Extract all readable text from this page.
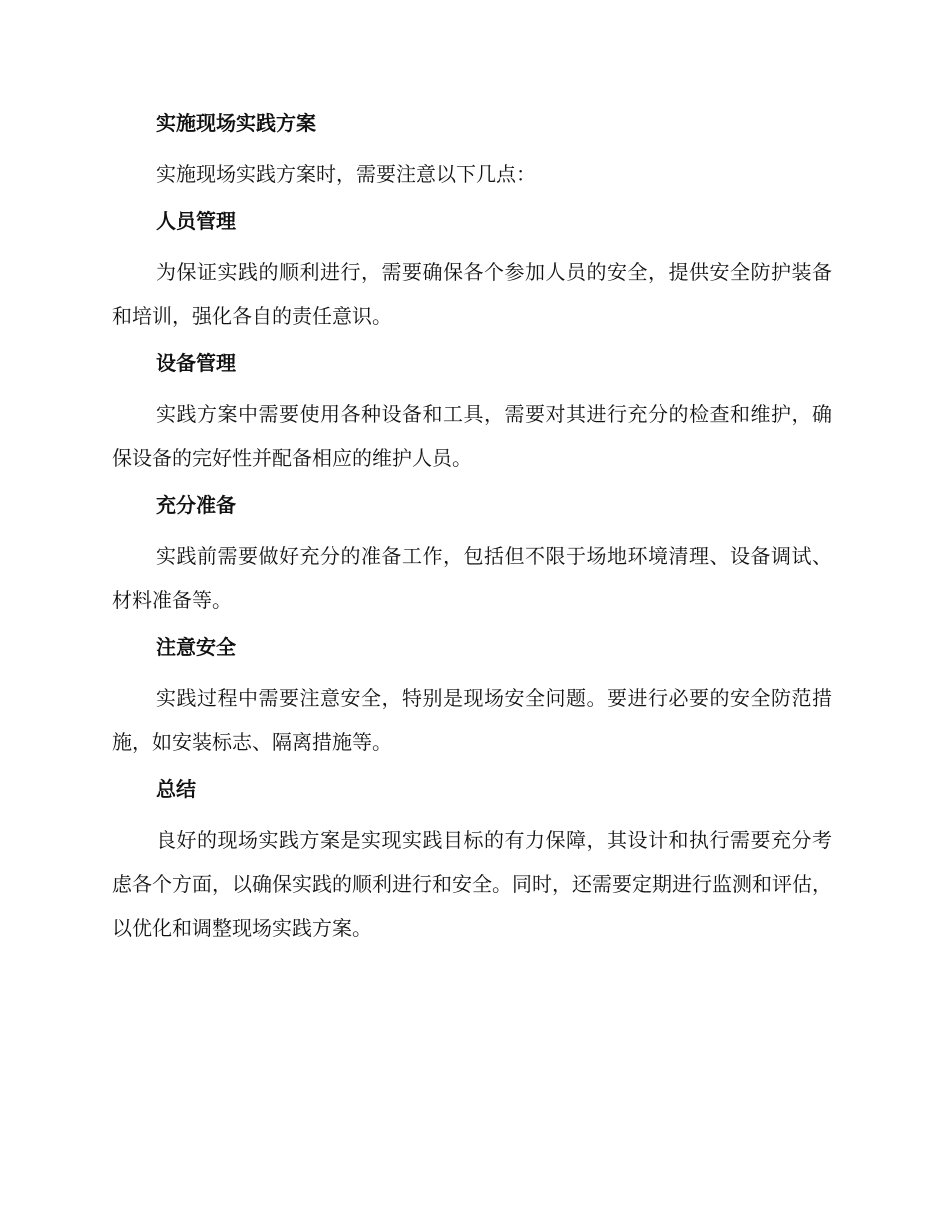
实施现场实践方案

实施现场实践方案时，需要注意以下几点：

人员管理

为保证实践的顺利进行，需要确保各个参加人员的安全，提供安全防护装备和培训，强化各自的责任意识。

设备管理

实践方案中需要使用各种设备和工具，需要对其进行充分的检查和维护，确保设备的完好性并配备相应的维护人员。

充分准备

实践前需要做好充分的准备工作，包括但不限于场地环境清理、设备调试、材料准备等。

注意安全

实践过程中需要注意安全，特别是现场安全问题。要进行必要的安全防范措施，如安装标志、隔离措施等。

总结

良好的现场实践方案是实现实践目标的有力保障，其设计和执行需要充分考虑各个方面，以确保实践的顺利进行和安全。同时，还需要定期进行监测和评估，以优化和调整现场实践方案。
